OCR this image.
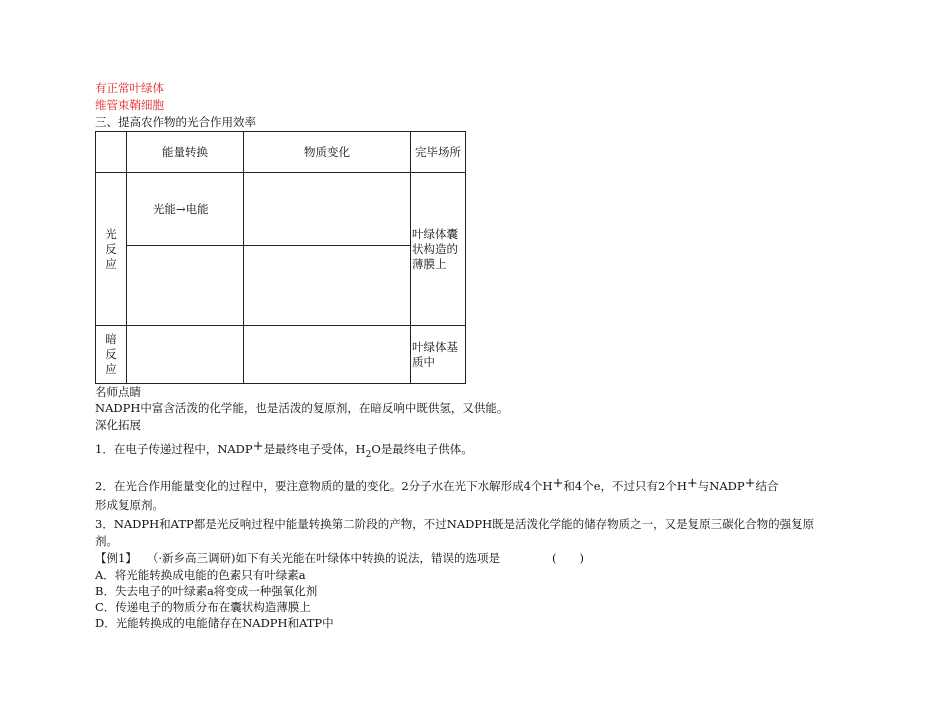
有正常叶绿体
维管束鞘细胞
三、提高农作物的光合作用效率
	能量转换	物质变化	完毕场所

光
反
应	光能→电能		叶绿体囊状构造的薄膜上

暗
反
应			叶绿体基质中
名师点睛
NADPH中富含活泼的化学能，也是活泼的复原剂，在暗反响中既供氢，又供能。
深化拓展
1．在电子传递过程中，NADP+是最终电子受体，$H_2O$是最终电子供体。
2．在光合作用能量变化的过程中，要注意物质的量的变化。2分子水在光下水解形成4个H+和4个e，不过只有2个H+与NADP+结合
形成复原剂。
3．NADPH和ATP都是光反响过程中能量转换第二阶段的产物，不过NADPH既是活泼化学能的储存物质之一，又是复原三碳化合物的强复原
剂。
【例1】 （·新乡高三调研)如下有关光能在叶绿体中转换的说法，错误的选项是	(　　)
A．将光能转换成电能的色素只有叶绿素a
B．失去电子的叶绿素a将变成一种强氧化剂
C．传递电子的物质分布在囊状构造薄膜上
D．光能转换成的电能储存在NADPH和ATP中
